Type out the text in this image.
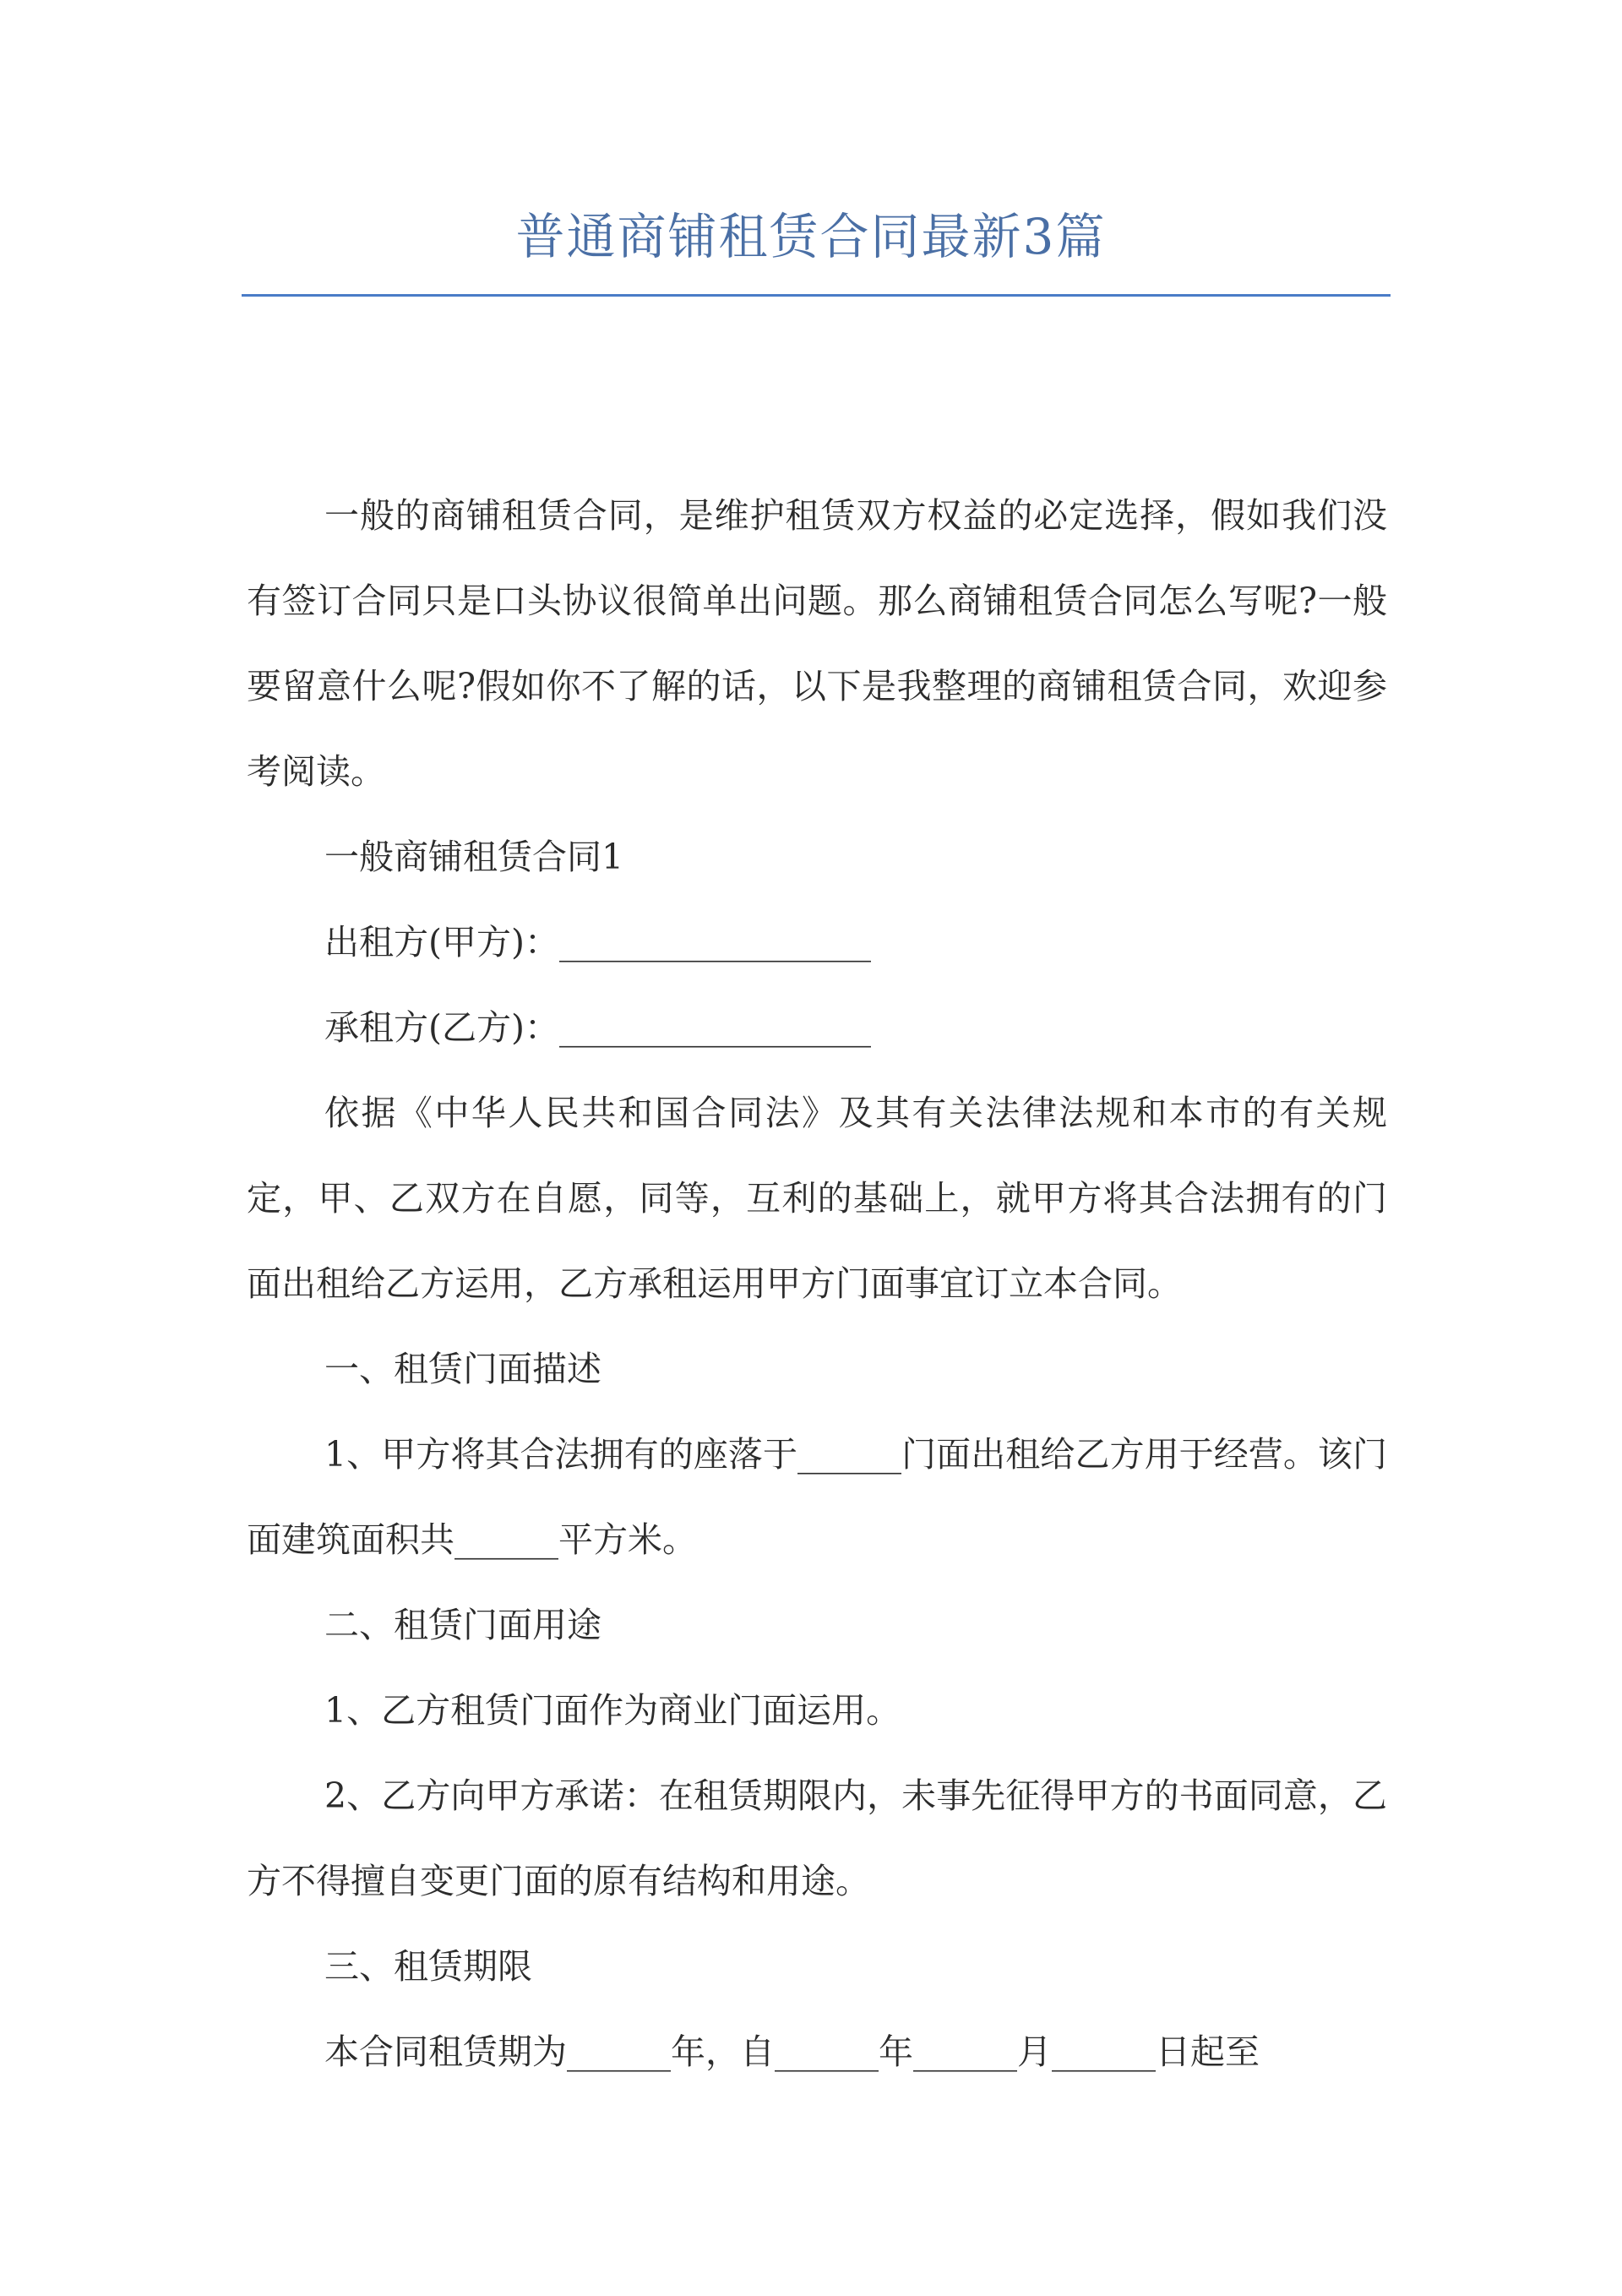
普通商铺租赁合同最新3篇

一般的商铺租赁合同，是维护租赁双方权益的必定选择，假如我们没有签订合同只是口头协议很简单出问题。那么商铺租赁合同怎么写呢?一般要留意什么呢?假如你不了解的话，以下是我整理的商铺租赁合同，欢迎参考阅读。

一般商铺租赁合同1

出租方(甲方)：__________________

承租方(乙方)：__________________

依据《中华人民共和国合同法》及其有关法律法规和本市的有关规定，甲、乙双方在自愿，同等，互利的基础上，就甲方将其合法拥有的门面出租给乙方运用，乙方承租运用甲方门面事宜订立本合同。

一、租赁门面描述

1、甲方将其合法拥有的座落于______门面出租给乙方用于经营。该门面建筑面积共______平方米。

二、租赁门面用途

1、乙方租赁门面作为商业门面运用。

2、乙方向甲方承诺：在租赁期限内，未事先征得甲方的书面同意，乙方不得擅自变更门面的原有结构和用途。

三、租赁期限

本合同租赁期为______年，自______年______月______日起至
